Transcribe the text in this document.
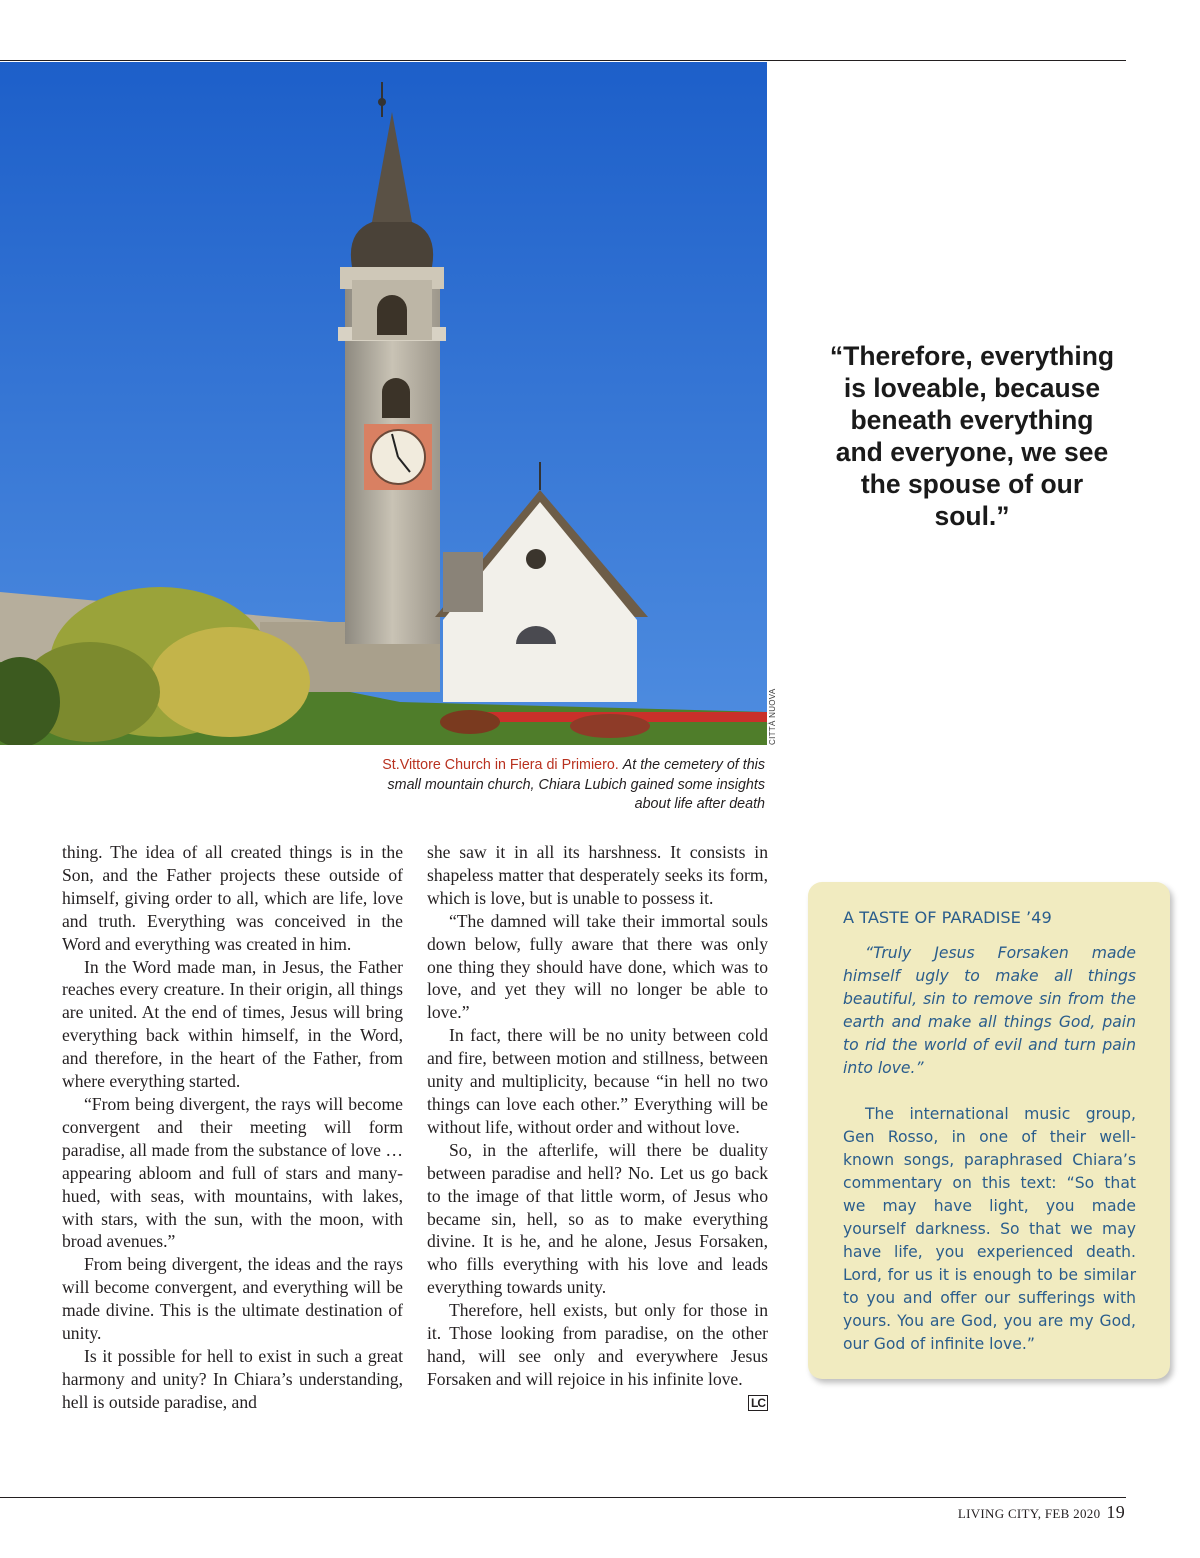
CITTÀ NUOVA
St.Vittore Church in Fiera di Primiero. At the cemetery of this small mountain church, Chiara Lubich gained some insights about life after death
“Therefore, everything is loveable, because beneath everything and everyone, we see the spouse of our soul.”

thing. The idea of all created things is in the Son, and the Father projects these outside of himself, giving order to all, which are life, love and truth. Everything was conceived in the Word and everything was created in him.

In the Word made man, in Jesus, the Father reaches every creature. In their origin, all things are united. At the end of times, Jesus will bring everything back within himself, in the Word, and therefore, in the heart of the Father, from where everything started.

“From being divergent, the rays will become convergent and their meeting will form paradise, all made from the substance of love … appearing abloom and full of stars and many-hued, with seas, with mountains, with lakes, with stars, with the sun, with the moon, with broad avenues.”

From being divergent, the ideas and the rays will become convergent, and everything will be made divine. This is the ultimate destination of unity.

Is it possible for hell to exist in such a great harmony and unity? In Chiara’s understanding, hell is outside paradise, and

she saw it in all its harshness. It consists in shapeless matter that desperately seeks its form, which is love, but is unable to possess it.

“The damned will take their immortal souls down below, fully aware that there was only one thing they should have done, which was to love, and yet they will no longer be able to love.”

In fact, there will be no unity between cold and fire, between motion and stillness, between unity and multiplicity, because “in hell no two things can love each other.” Everything will be without life, without order and without love.

So, in the afterlife, will there be duality between paradise and hell? No. Let us go back to the image of that little worm, of Jesus who became sin, hell, so as to make everything divine. It is he, and he alone, Jesus Forsaken, who fills everything with his love and leads everything towards unity.

Therefore, hell exists, but only for those in it. Those looking from paradise, on the other hand, will see only and everywhere Jesus Forsaken and will rejoice in his infinite love.

LC
A TASTE OF PARADISE ’49

“Truly Jesus Forsaken made himself ugly to make all things beautiful, sin to remove sin from the earth and make all things God, pain to rid the world of evil and turn pain into love.”

The international music group, Gen Rosso, in one of their well-known songs, paraphrased Chiara’s commentary on this text: “So that we may have light, you made yourself darkness. So that we may have life, you experienced death. Lord, for us it is enough to be similar to you and offer our sufferings with yours. You are God, you are my God, our God of infinite love.”

LIVING CITY, FEB 2020 19
